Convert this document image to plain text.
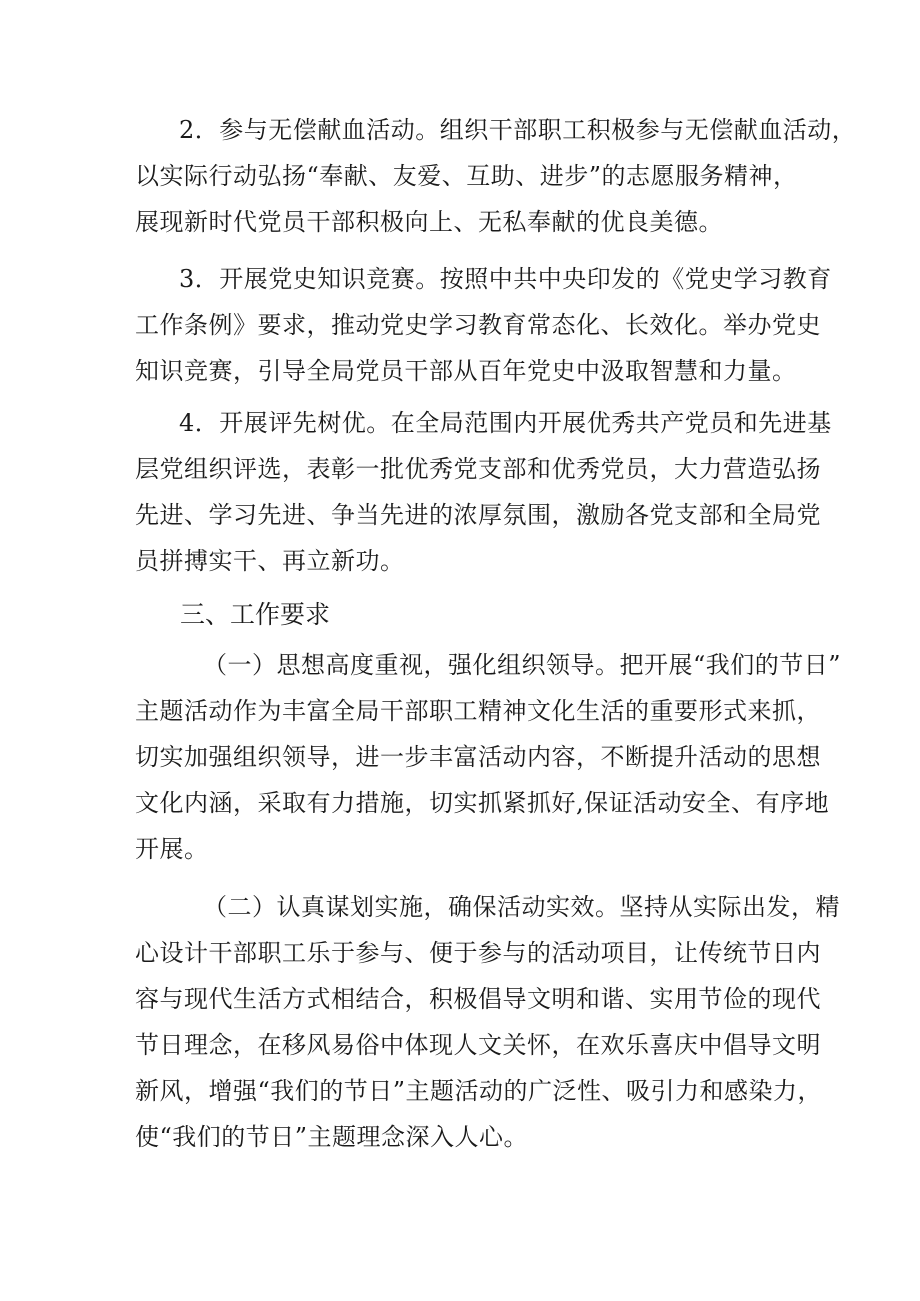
2．参与无偿献血活动。组织干部职工积极参与无偿献血活动，
以实际行动弘扬“奉献、友爱、互助、进步”的志愿服务精神，
展现新时代党员干部积极向上、无私奉献的优良美德。
3．开展党史知识竞赛。按照中共中央印发的《党史学习教育
工作条例》要求，推动党史学习教育常态化、长效化。举办党史
知识竞赛，引导全局党员干部从百年党史中汲取智慧和力量。
4．开展评先树优。在全局范围内开展优秀共产党员和先进基
层党组织评选，表彰一批优秀党支部和优秀党员，大力营造弘扬
先进、学习先进、争当先进的浓厚氛围，激励各党支部和全局党
员拼搏实干、再立新功。
三、工作要求
（一）思想高度重视，强化组织领导。把开展“我们的节日”
主题活动作为丰富全局干部职工精神文化生活的重要形式来抓，
切实加强组织领导，进一步丰富活动内容，不断提升活动的思想
文化内涵，采取有力措施，切实抓紧抓好,保证活动安全、有序地
开展。
（二）认真谋划实施，确保活动实效。坚持从实际出发，精
心设计干部职工乐于参与、便于参与的活动项目，让传统节日内
容与现代生活方式相结合，积极倡导文明和谐、实用节俭的现代
节日理念，在移风易俗中体现人文关怀，在欢乐喜庆中倡导文明
新风，增强“我们的节日”主题活动的广泛性、吸引力和感染力，
使“我们的节日”主题理念深入人心。
